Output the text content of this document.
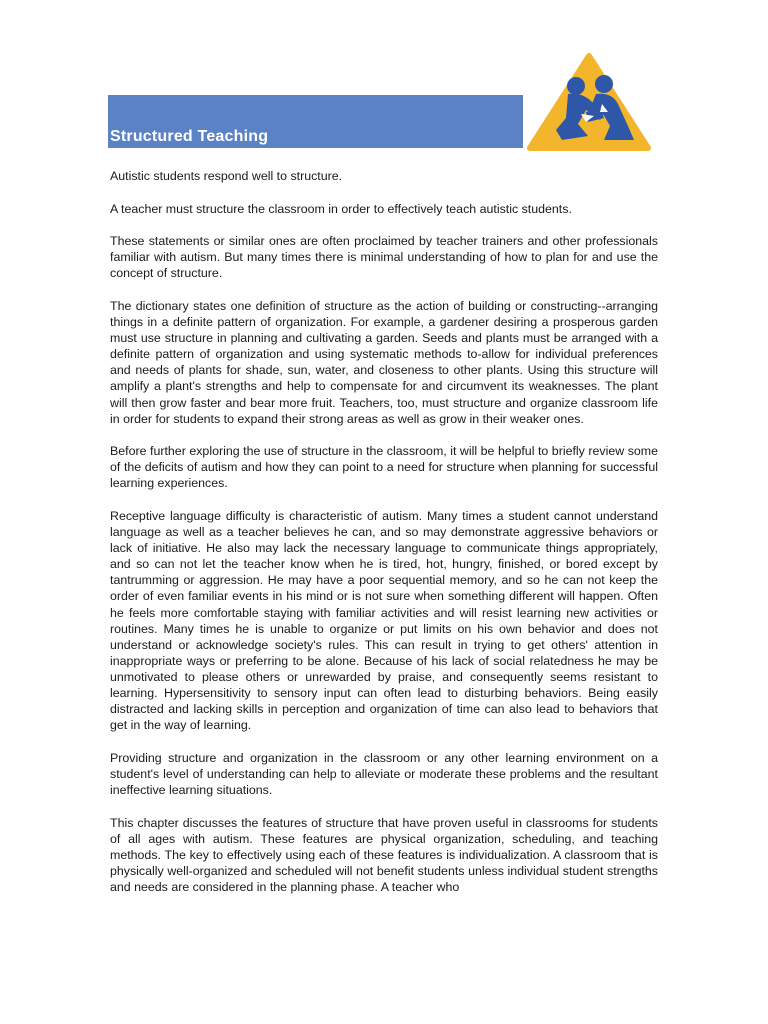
Structured Teaching

Autistic students respond well to structure.

A teacher must structure the classroom in order to effectively teach autistic students.

These statements or similar ones are often proclaimed by teacher trainers and other professionals familiar with autism. But many times there is minimal understanding of how to plan for and use the concept of structure.

The dictionary states one definition of structure as the action of building or constructing--arranging things in a definite pattern of organization. For example, a gardener desiring a prosperous garden must use structure in planning and cultivating a garden. Seeds and plants must be arranged with a definite pattern of organization and using systematic methods to-allow for individual preferences and needs of plants for shade, sun, water, and closeness to other plants. Using this structure will amplify a plant's strengths and help to compensate for and circumvent its weaknesses. The plant will then grow faster and bear more fruit. Teachers, too, must structure and organize classroom life in order for students to expand their strong areas as well as grow in their weaker ones.

Before further exploring the use of structure in the classroom, it will be helpful to briefly review some of the deficits of autism and how they can point to a need for structure when planning for successful learning experiences.

Receptive language difficulty is characteristic of autism. Many times a student cannot understand language as well as a teacher believes he can, and so may demonstrate aggressive behaviors or lack of initiative. He also may lack the necessary language to communicate things appropriately, and so can not let the teacher know when he is tired, hot, hungry, finished, or bored except by tantrumming or aggression. He may have a poor sequential memory, and so he can not keep the order of even familiar events in his mind or is not sure when something different will happen. Often he feels more comfortable staying with familiar activities and will resist learning new activities or routines. Many times he is unable to organize or put limits on his own behavior and does not understand or acknowledge society's rules. This can result in trying to get others' attention in inappropriate ways or preferring to be alone. Because of his lack of social relatedness he may be unmotivated to please others or unrewarded by praise, and consequently seems resistant to learning. Hypersensitivity to sensory input can often lead to disturbing behaviors. Being easily distracted and lacking skills in perception and organization of time can also lead to behaviors that get in the way of learning.

Providing structure and organization in the classroom or any other learning environment on a student's level of understanding can help to alleviate or moderate these problems and the resultant ineffective learning situations.

This chapter discusses the features of structure that have proven useful in classrooms for students of all ages with autism. These features are physical organization, scheduling, and teaching methods. The key to effectively using each of these features is individualization. A classroom that is physically well-organized and scheduled will not benefit students unless individual student strengths and needs are considered in the planning phase. A teacher who
